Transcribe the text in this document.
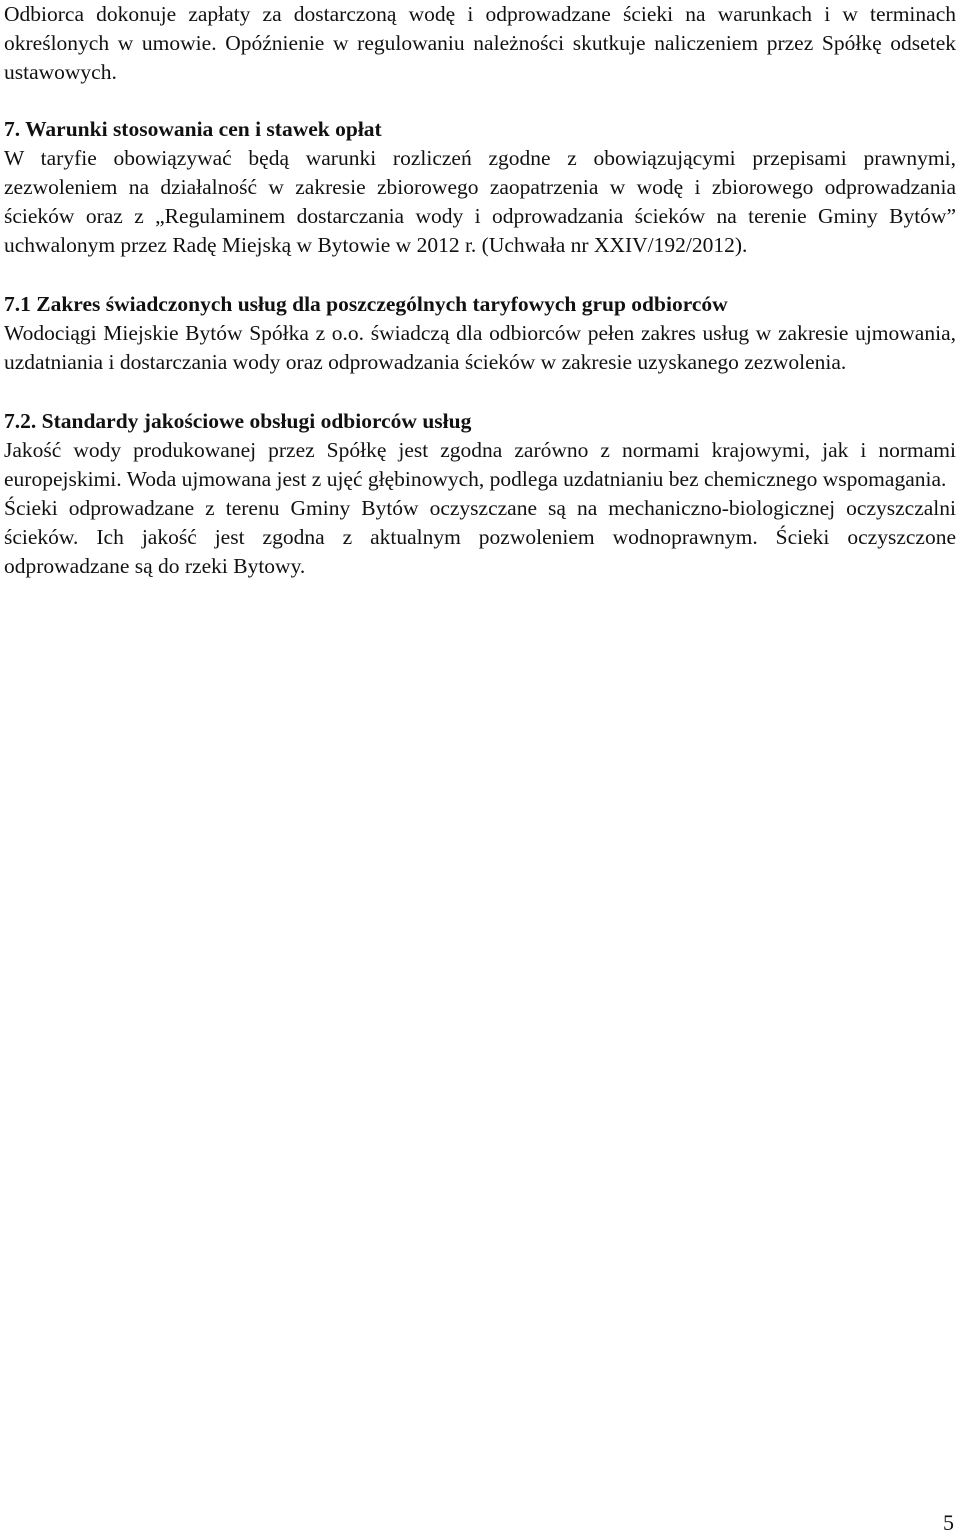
Odbiorca dokonuje zapłaty za dostarczoną wodę i odprowadzane ścieki na warunkach i w terminach określonych w umowie. Opóźnienie w regulowaniu należności skutkuje naliczeniem przez Spółkę odsetek ustawowych.

7. Warunki stosowania cen i stawek opłat

W taryfie obowiązywać będą warunki rozliczeń zgodne z obowiązującymi przepisami prawnymi, zezwoleniem na działalność w zakresie zbiorowego zaopatrzenia w wodę i zbiorowego odprowadzania ścieków oraz z „Regulaminem dostarczania wody i odprowadzania ścieków na terenie Gminy Bytów” uchwalonym przez Radę Miejską w Bytowie w 2012 r. (Uchwała nr XXIV/192/2012).

7.1 Zakres świadczonych usług dla poszczególnych taryfowych grup odbiorców

Wodociągi Miejskie Bytów Spółka z o.o. świadczą dla odbiorców pełen zakres usług w zakresie ujmowania, uzdatniania i dostarczania wody oraz odprowadzania ścieków w zakresie uzyskanego zezwolenia.

7.2. Standardy jakościowe obsługi odbiorców usług

Jakość wody produkowanej przez Spółkę jest zgodna zarówno z normami krajowymi, jak i normami europejskimi. Woda ujmowana jest z ujęć głębinowych, podlega uzdatnianiu bez chemicznego wspomagania.

Ścieki odprowadzane z terenu Gminy Bytów oczyszczane są na mechaniczno-biologicznej oczyszczalni ścieków. Ich jakość jest zgodna z aktualnym pozwoleniem wodnoprawnym. Ścieki oczyszczone odprowadzane są do rzeki Bytowy.

5
